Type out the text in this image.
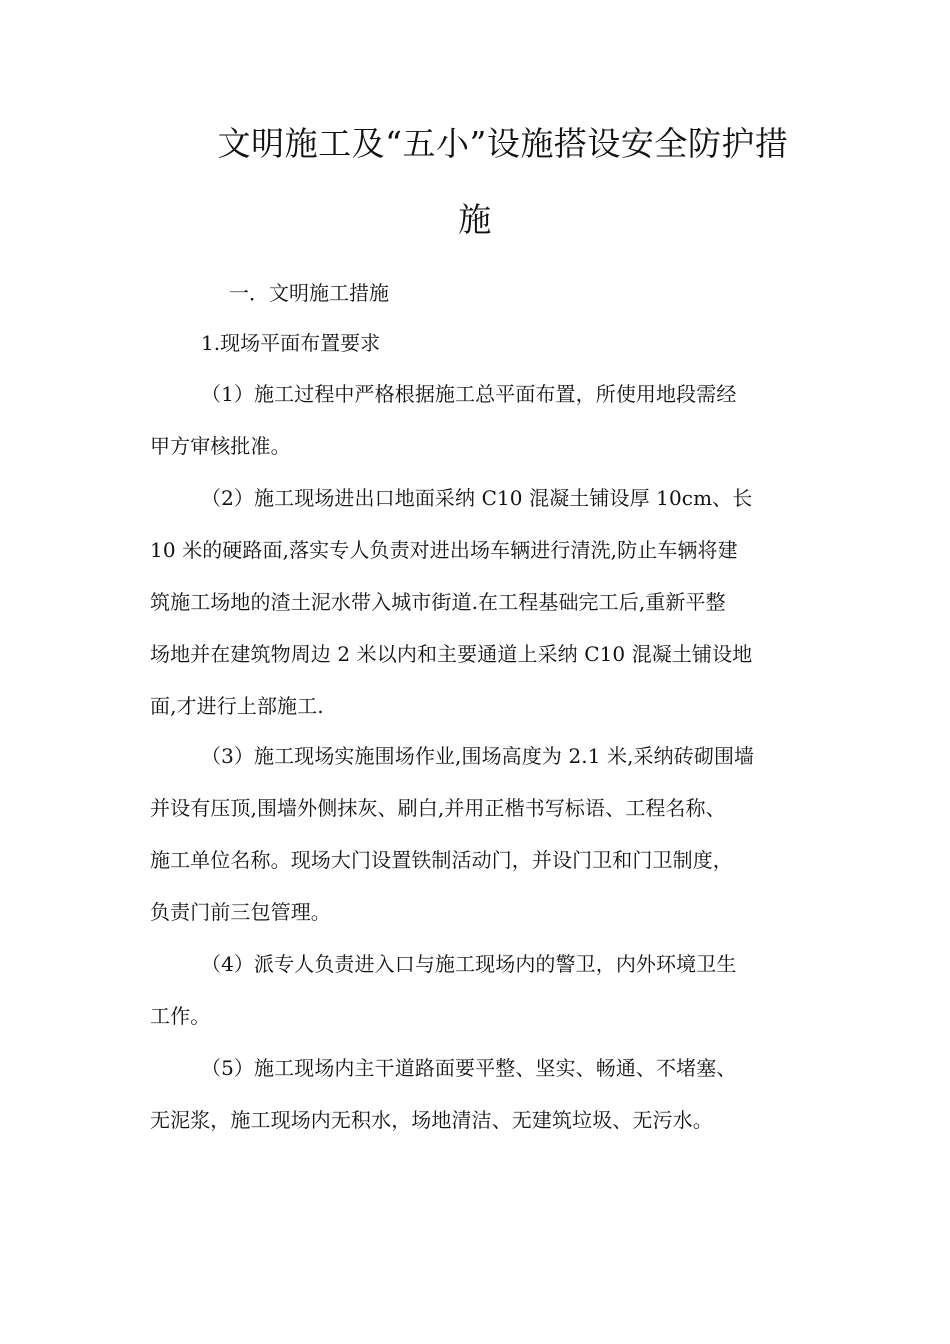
文明施工及“五小”设施搭设安全防护措
施

一．文明施工措施

1.现场平面布置要求

（1）施工过程中严格根据施工总平面布置，所使用地段需经
甲方审核批准。
（2）施工现场进出口地面采纳 C10 混凝土铺设厚 10cm、长
10 米的硬路面,落实专人负责对进出场车辆进行清洗,防止车辆将建
筑施工场地的渣土泥水带入城市街道.在工程基础完工后,重新平整
场地并在建筑物周边 2 米以内和主要通道上采纳 C10 混凝土铺设地
面,才进行上部施工.
（3）施工现场实施围场作业,围场高度为 2.1 米,采纳砖砌围墙
并设有压顶,围墙外侧抹灰、刷白,并用正楷书写标语、工程名称、
施工单位名称。现场大门设置铁制活动门，并设门卫和门卫制度，
负责门前三包管理。
（4）派专人负责进入口与施工现场内的警卫，内外环境卫生
工作。
（5）施工现场内主干道路面要平整、坚实、畅通、不堵塞、
无泥浆，施工现场内无积水，场地清洁、无建筑垃圾、无污水。
